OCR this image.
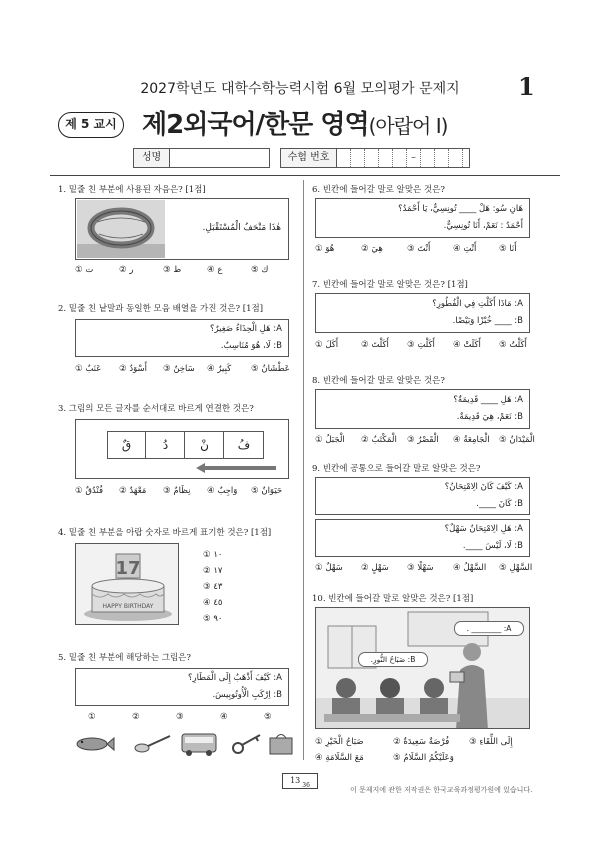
2027학년도 대학수학능력시험 6월 모의평가 문제지	1
제 5 교시 제2외국어/한문 영역(아랍어 I)
성명	수험 번호	–
1. 밑줄 친 부분에 사용된 자음은? [1점]
هٰذَا مَتْحَفُ الْمُسْتَقْبَلِ.
① ت	② ر	③ ط	④ ع	⑤ ك
2. 밑줄 친 낱말과 동일한 모음 배열을 가진 것은? [1점]
A: هَلِ الْحِذَاءُ صَغِيرٌ؟
B: لَا، هُوَ مُنَاسِبٌ.
① عَنَبٌ ② أَسْوَدُ ③ سَاخِنٌ ④ كَبِيرٌ ⑤ عَطْشَانُ
3. 그림의 모든 글자를 순서대로 바르게 연결한 것은?
قٌ	دُ	نْ	فُ
① فُنْدُقٌ ② مَعْهَدٌ ③ نِظَامٌ ④ وَاجِبٌ ⑤ حَيَوَانٌ
4. 밑줄 친 부분을 아랍 숫자로 바르게 표기한 것은? [1점]
17
HAPPY BIRTHDAY
① ١٠
② ١٧
③ ٤٣
④ ٤٥
⑤ ٩٠
5. 밑줄 친 부분에 해당하는 그림은?
A: كَيْفَ أَذْهَبُ إِلَى الْمَطَارِ؟
B: اِرْكَبِ الْأُوتُوبِيسَ.
①	②	③	④	⑤
6. 빈칸에 들어갈 말로 알맞은 것은?
هَانِ سُو: هَلْ ____ تُونِسِيٌّ، يَا أَحْمَدُ؟
أَحْمَدُ : نَعَمْ، أَنَا تُونِسِيٌّ.
① هُوَ	② هِيَ	③ أَنْتَ	④ أَنْتِ	⑤ أَنَا
7. 빈칸에 들어갈 말로 알맞은 것은? [1점]
A: مَاذَا أَكَلْتِ فِي الْفُطُورِ؟
B: ____ خُبْزًا وَبَيْضًا.
① أَكَلَ	② أَكَلْتَ ③ أَكَلْتِ ④ أَكَلَتْ ⑤ أَكَلْتُ
8. 빈칸에 들어갈 말로 알맞은 것은?
A: هَلِ ____ قَدِيمَةٌ؟
B: نَعَمْ، هِيَ قَدِيمَةٌ.
① الْجَبَلُ ② الْمَكْتَبُ ③ الْقَصْرُ ④ الْجَامِعَةُ ⑤ الْمَيْدَانُ
9. 빈칸에 공통으로 들어갈 말로 알맞은 것은?
A: كَيْفَ كَانَ الِامْتِحَانُ؟
B: كَانَ ____.
A: هَلِ الِامْتِحَانُ سَهْلٌ؟
B: لَا، لَيْسَ ____.
① سَهْلٌ ② سَهْلٍ ③ سَهْلًا ④ السَّهْلُ ⑤ السَّهْلِ
10. 빈칸에 들어갈 말로 알맞은 것은? [1점]
A: ________ .
B: صَبَاحُ النُّورِ.
① صَبَاحُ الْخَيْرِ	② فُرْصَةٌ سَعِيدَةٌ ③ إِلَى اللِّقَاءِ
④ مَعَ السَّلَامَةِ	⑤ وَعَلَيْكُمُ السَّلَامُ
$13_{36}$
이 문제지에 관한 저작권은 한국교육과정평가원에 있습니다.
